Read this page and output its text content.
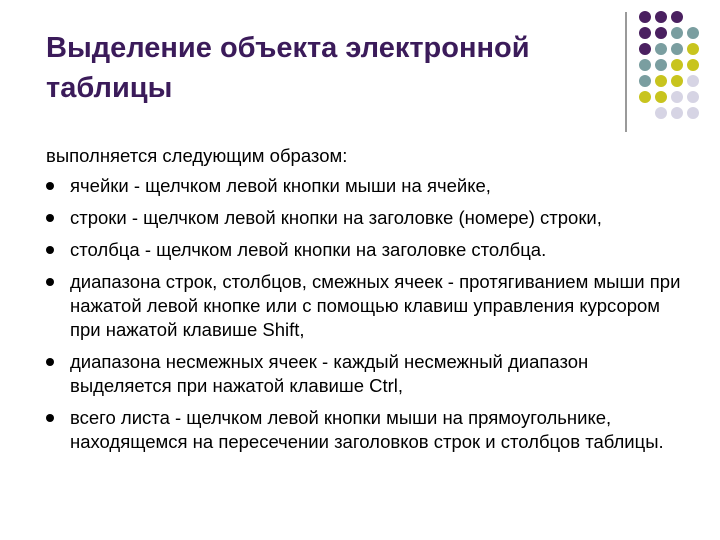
Выделение объекта электронной
таблицы

выполняется следующим образом:

ячейки - щелчком левой кнопки мыши на ячейке,
строки - щелчком левой кнопки на заголовке (номере) строки,
столбца - щелчком левой кнопки на заголовке столбца.
диапазона строк, столбцов, смежных ячеек - протягиванием мыши при нажатой левой кнопке или с помощью клавиш управления курсором при нажатой клавише Shift,
диапазона несмежных ячеек - каждый несмежный диапазон выделяется при нажатой клавише Ctrl,
всего листа - щелчком левой кнопки мыши на прямоугольнике, находящемся на пересечении заголовков строк и столбцов таблицы.
